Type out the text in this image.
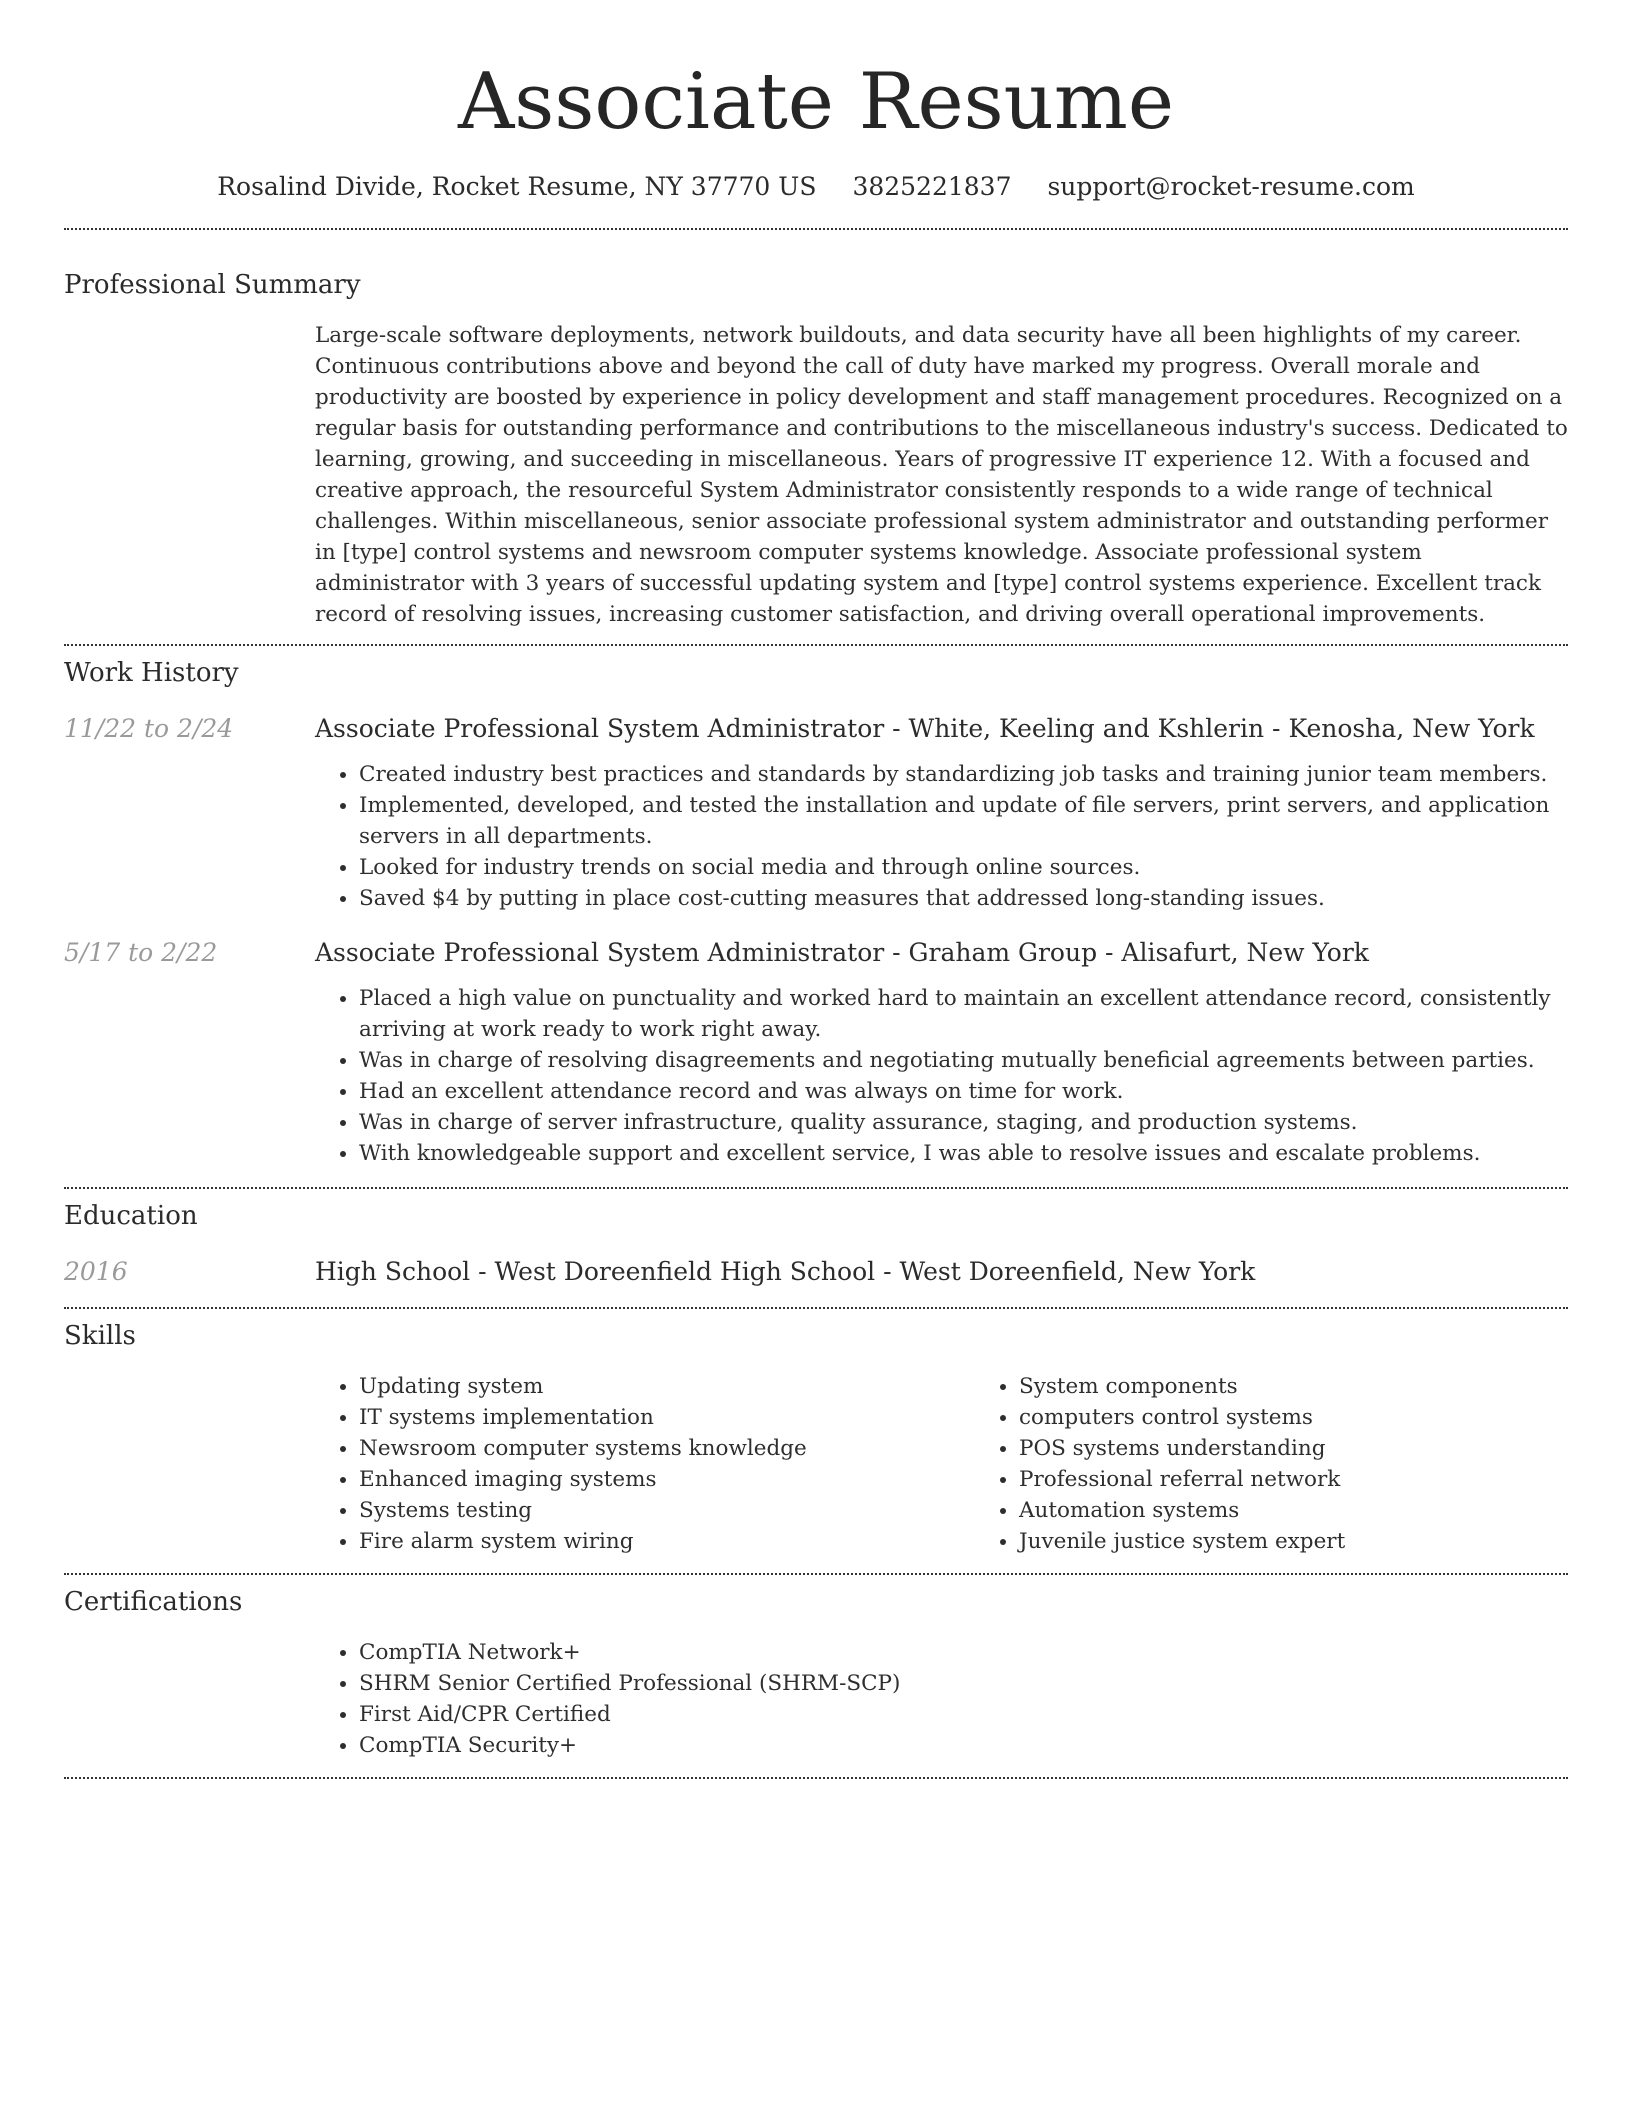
Associate Resume
Rosalind Divide, Rocket Resume, NY 37770 US 3825221837 support@rocket-resume.com
Professional Summary

Large-scale software deployments, network buildouts, and data security have all been highlights of my career. Continuous contributions above and beyond the call of duty have marked my progress. Overall morale and productivity are boosted by experience in policy development and staff management procedures. Recognized on a regular basis for outstanding performance and contributions to the miscellaneous industry's success. Dedicated to learning, growing, and succeeding in miscellaneous. Years of progressive IT experience 12. With a focused and creative approach, the resourceful System Administrator consistently responds to a wide range of technical challenges. Within miscellaneous, senior associate professional system administrator and outstanding performer in [type] control systems and newsroom computer systems knowledge. Associate professional system administrator with 3 years of successful updating system and [type] control systems experience. Excellent track record of resolving issues, increasing customer satisfaction, and driving overall operational improvements.

Work History
11/22 to 2/24	Associate Professional System Administrator - White, Keeling and Kshlerin - Kenosha, New York
• Created industry best practices and standards by standardizing job tasks and training junior team members.
• Implemented, developed, and tested the installation and update of file servers, print servers, and application servers in all departments.
• Looked for industry trends on social media and through online sources.
• Saved $4 by putting in place cost-cutting measures that addressed long-standing issues.
5/17 to 2/22	Associate Professional System Administrator - Graham Group - Alisafurt, New York
• Placed a high value on punctuality and worked hard to maintain an excellent attendance record, consistently arriving at work ready to work right away.
• Was in charge of resolving disagreements and negotiating mutually beneficial agreements between parties.
• Had an excellent attendance record and was always on time for work.
• Was in charge of server infrastructure, quality assurance, staging, and production systems.
• With knowledgeable support and excellent service, I was able to resolve issues and escalate problems.
Education
2016	High School - West Doreenfield High School - West Doreenfield, New York
Skills
• Updating system
• IT systems implementation
• Newsroom computer systems knowledge
• Enhanced imaging systems
• Systems testing
• Fire alarm system wiring
• System components
• computers control systems
• POS systems understanding
• Professional referral network
• Automation systems
• Juvenile justice system expert
Certifications
• CompTIA Network+
• SHRM Senior Certified Professional (SHRM-SCP)
• First Aid/CPR Certified
• CompTIA Security+
